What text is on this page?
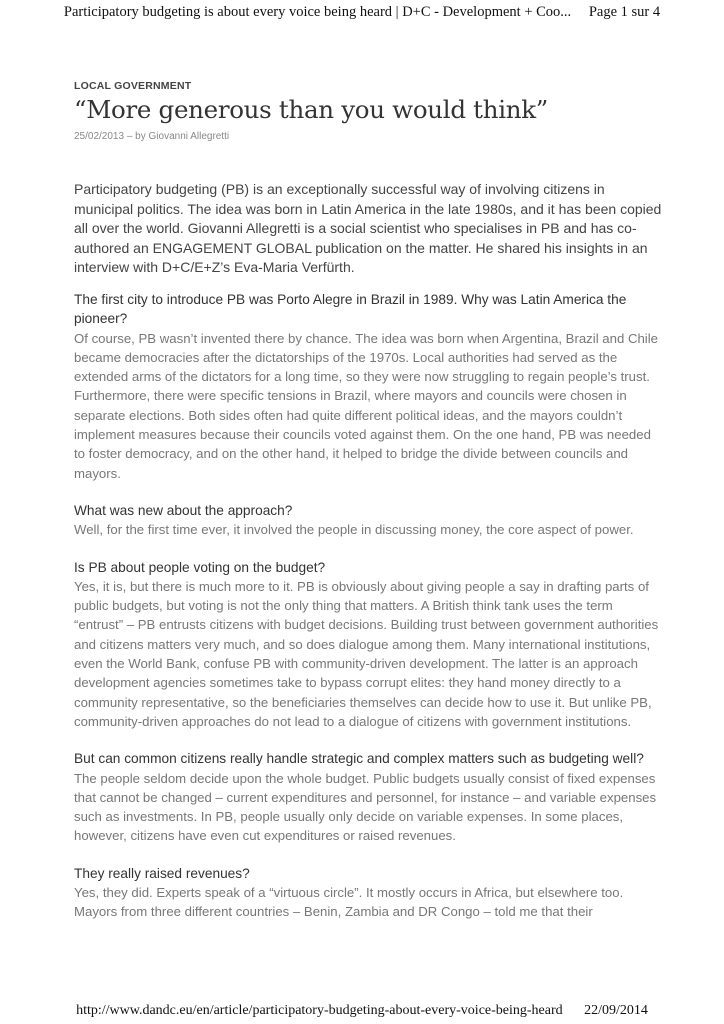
Participatory budgeting is about every voice being heard | D+C - Development + Coo... Page 1 sur 4

LOCAL GOVERNMENT

“More generous than you would think”

25/02/2013 – by Giovanni Allegretti

Participatory budgeting (PB) is an exceptionally successful way of involving citizens in municipal politics. The idea was born in Latin America in the late 1980s, and it has been copied all over the world. Giovanni Allegretti is a social scientist who specialises in PB and has co-authored an ENGAGEMENT GLOBAL publication on the matter. He shared his insights in an interview with D+C/E+Z’s Eva-Maria Verfürth.

The first city to introduce PB was Porto Alegre in Brazil in 1989. Why was Latin America the pioneer?

Of course, PB wasn’t invented there by chance. The idea was born when Argentina, Brazil and Chile became democracies after the dictatorships of the 1970s. Local authorities had served as the extended arms of the dictators for a long time, so they were now struggling to regain people’s trust. Furthermore, there were specific tensions in Brazil, where mayors and councils were chosen in separate elections. Both sides often had quite different political ideas, and the mayors couldn’t implement measures because their councils voted against them. On the one hand, PB was needed to foster democracy, and on the other hand, it helped to bridge the divide between councils and mayors.

What was new about the approach?

Well, for the first time ever, it involved the people in discussing money, the core aspect of power.

Is PB about people voting on the budget?

Yes, it is, but there is much more to it. PB is obviously about giving people a say in drafting parts of public budgets, but voting is not the only thing that matters. A British think tank uses the term “entrust” – PB entrusts citizens with budget decisions. Building trust between government authorities and citizens matters very much, and so does dialogue among them. Many international institutions, even the World Bank, confuse PB with community-driven development. The latter is an approach development agencies sometimes take to bypass corrupt elites: they hand money directly to a community representative, so the beneficiaries themselves can decide how to use it. But unlike PB, community-driven approaches do not lead to a dialogue of citizens with government institutions.

But can common citizens really handle strategic and complex matters such as budgeting well?

The people seldom decide upon the whole budget. Public budgets usually consist of fixed expenses that cannot be changed – current expenditures and personnel, for instance – and variable expenses such as investments. In PB, people usually only decide on variable expenses. In some places, however, citizens have even cut expenditures or raised revenues.

They really raised revenues?

Yes, they did. Experts speak of a “virtuous circle”. It mostly occurs in Africa, but elsewhere too. Mayors from three different countries – Benin, Zambia and DR Congo – told me that their

http://www.dandc.eu/en/article/participatory-budgeting-about-every-voice-being-heard 22/09/2014
